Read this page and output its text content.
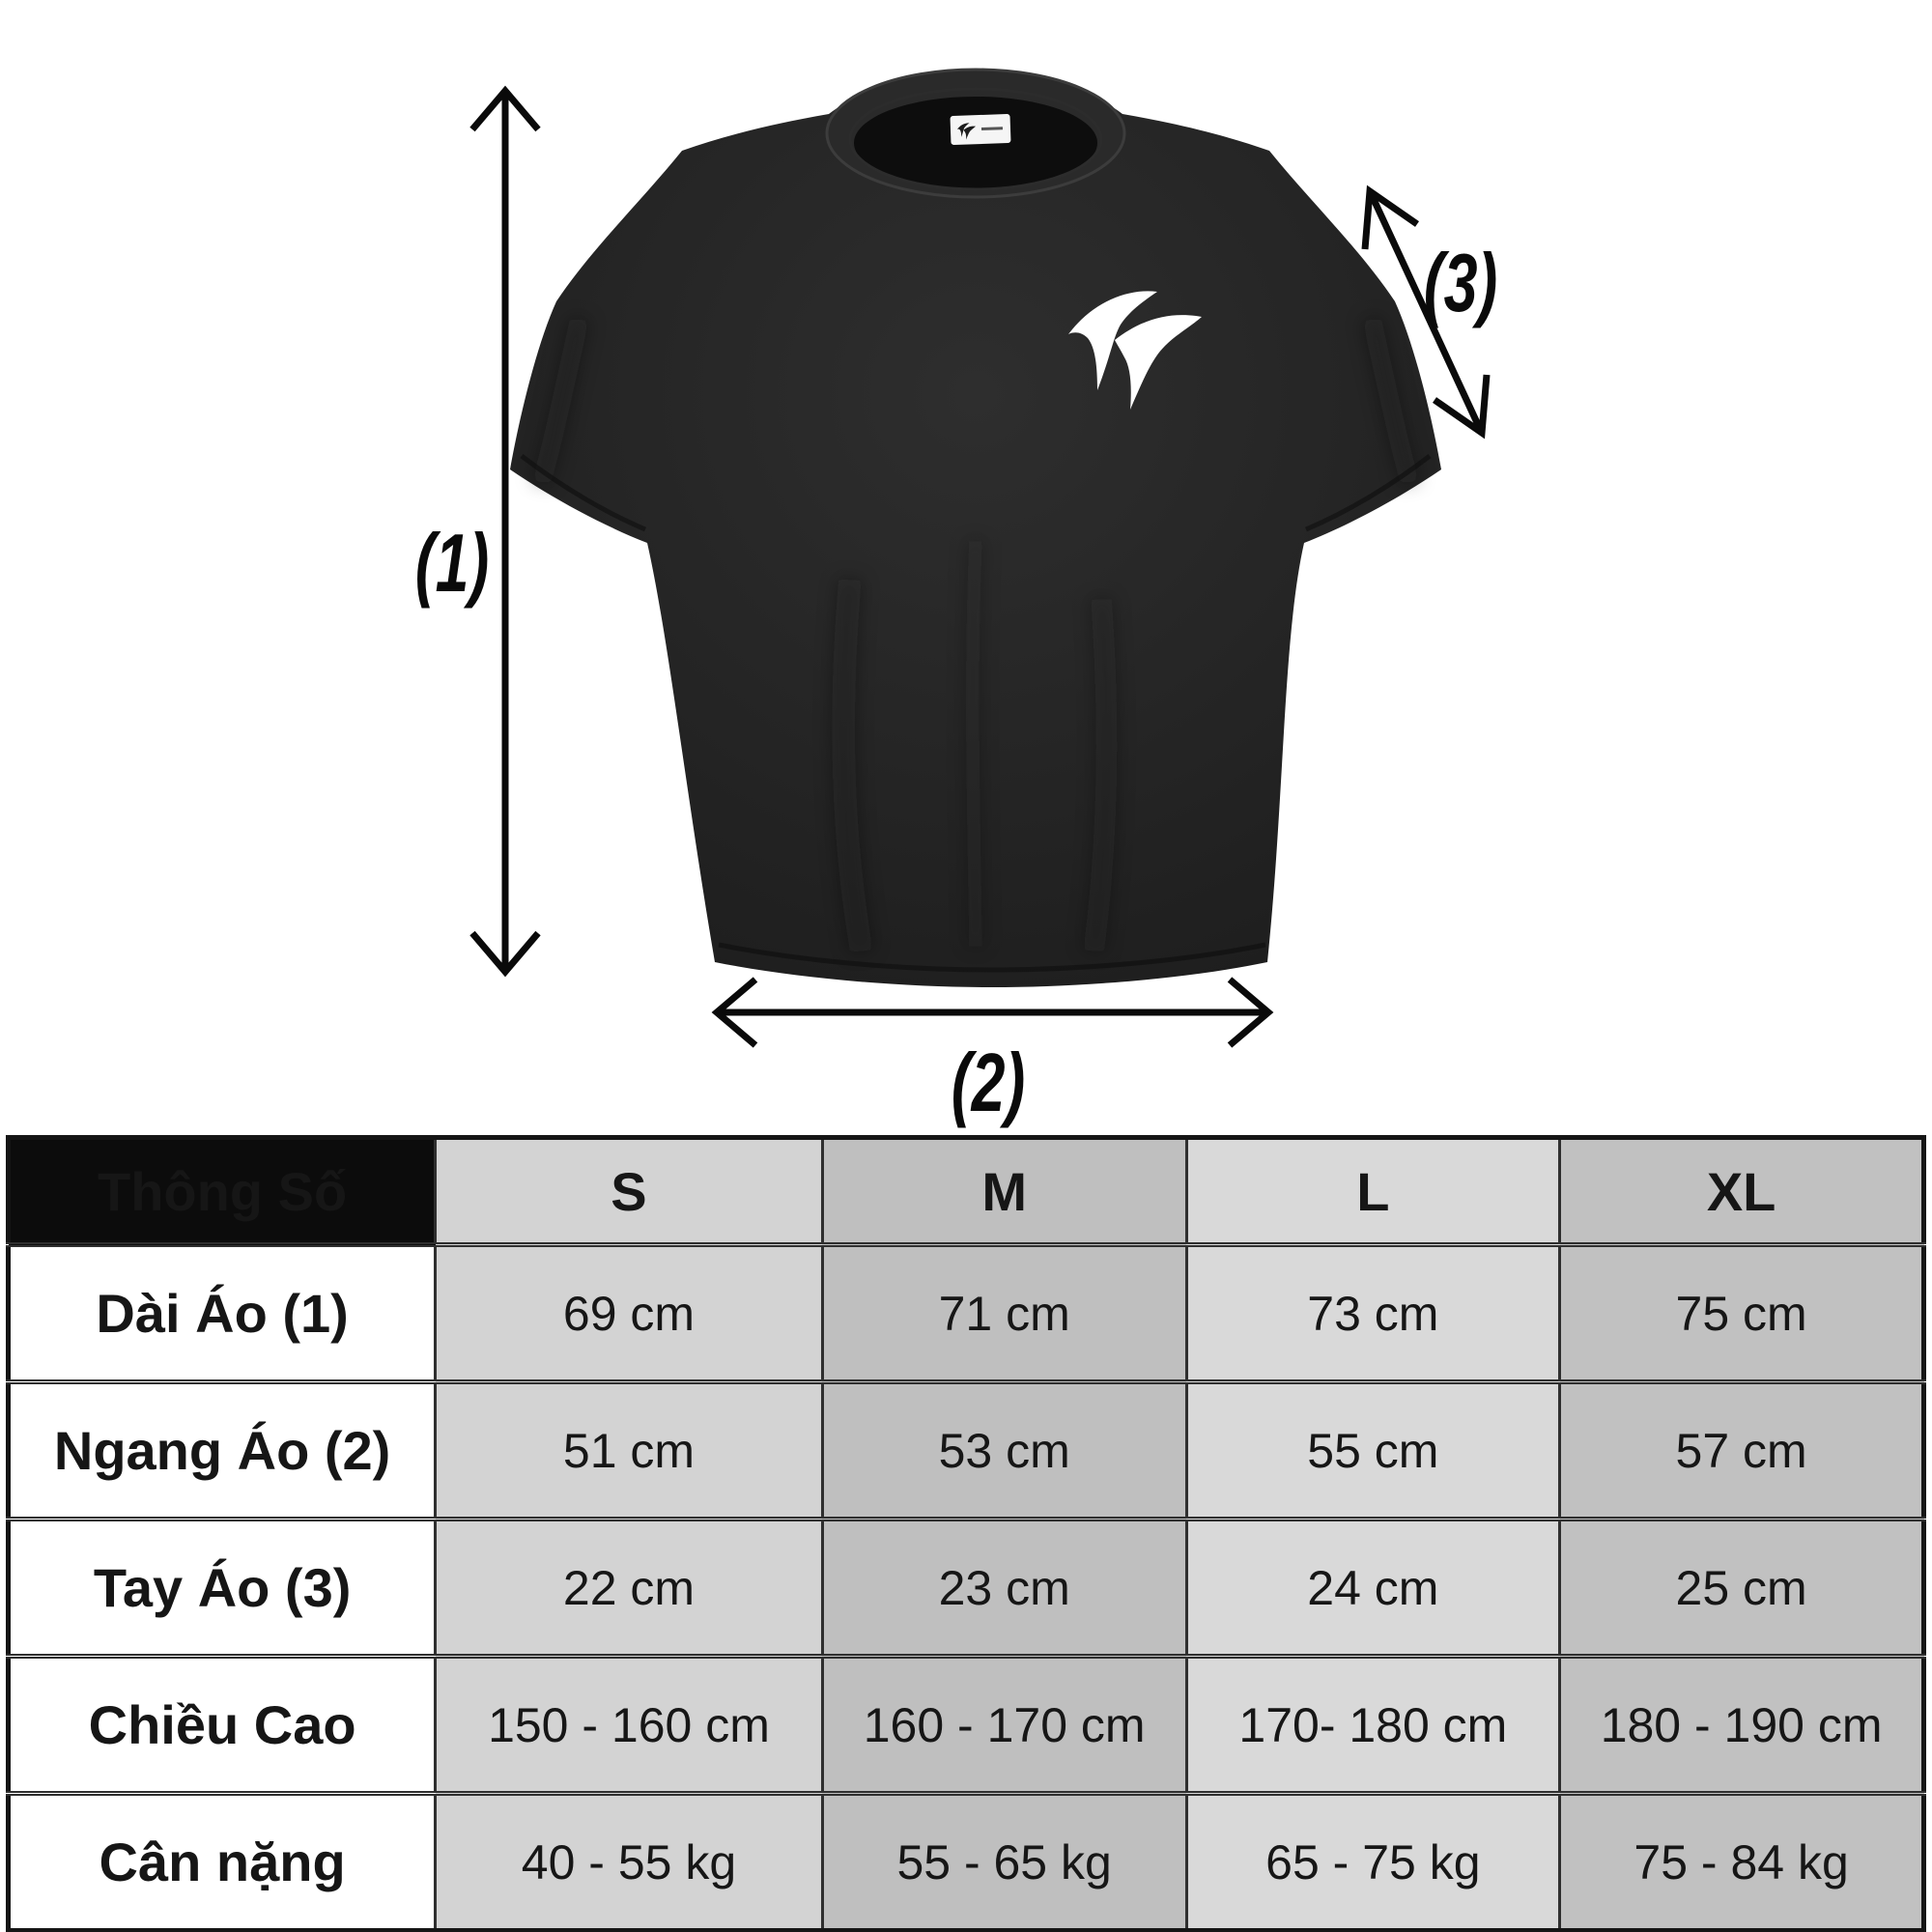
(1)
(2)
(3)
Thông Số	S	M	L	XL
Dài Áo (1)	69 cm	71 cm	73 cm	75 cm
Ngang Áo (2)	51 cm	53 cm	55 cm	57 cm
Tay Áo (3)	22 cm	23 cm	24 cm	25 cm
Chiều Cao	150 - 160 cm	160 - 170 cm	170- 180 cm	180 - 190 cm
Cân nặng	40 - 55 kg	55 - 65 kg	65 - 75 kg	75 - 84 kg
